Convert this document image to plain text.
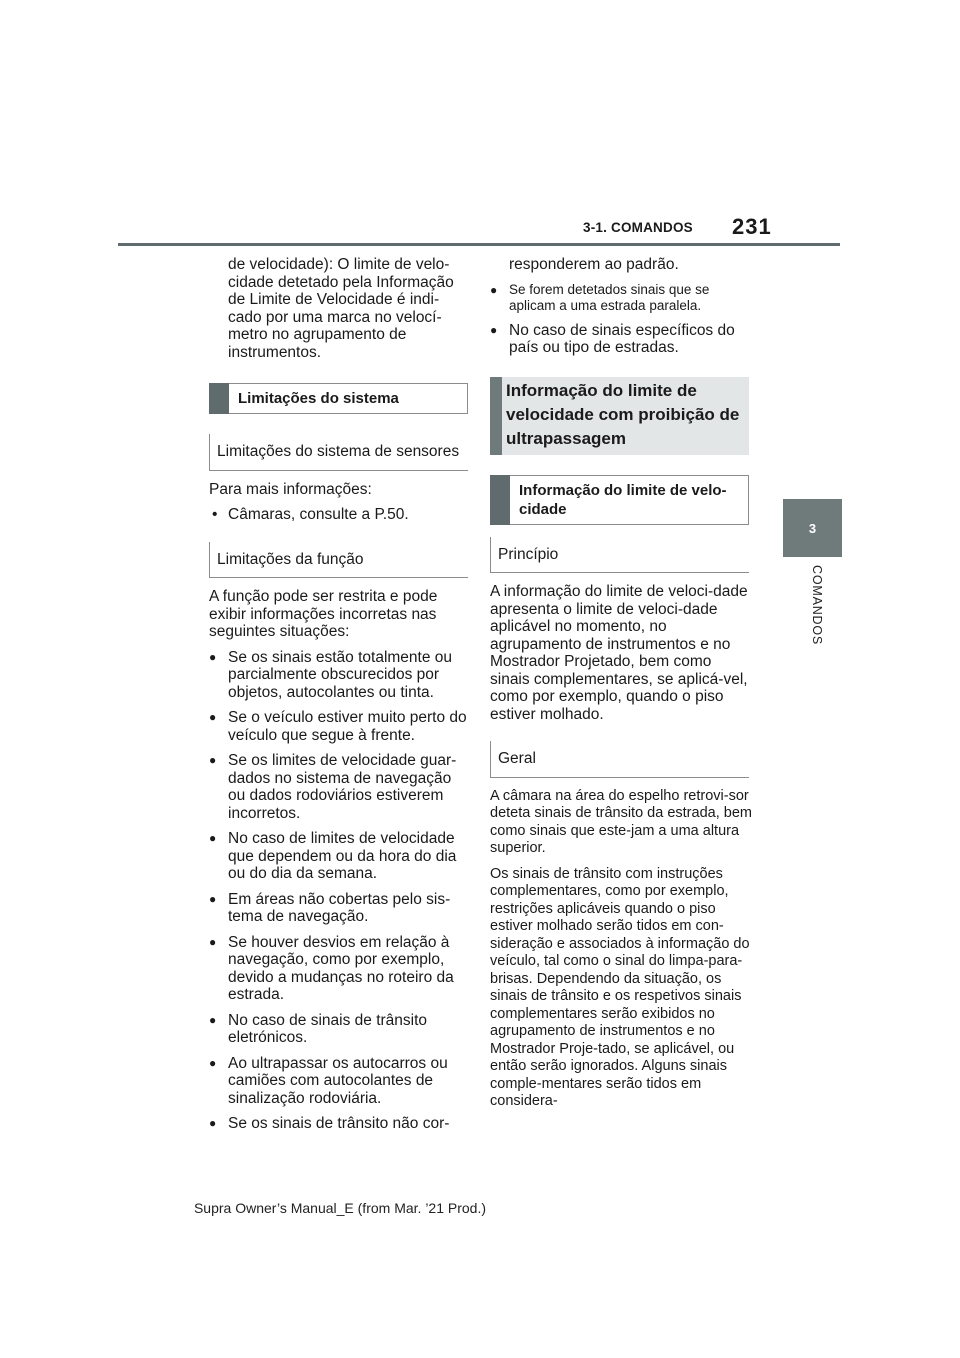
3-1. COMANDOS 231
3
COMANDOS

de velocidade): O limite de velo-cidade detetado pela Informação de Limite de Velocidade é indi-cado por uma marca no velocí-metro no agrupamento de instrumentos.

Limitações do sistema
Limitações do sistema de sensores

Para mais informações:

• Câmaras, consulte a P.50.

Limitações da função

A função pode ser restrita e pode exibir informações incorretas nas seguintes situações:

● Se os sinais estão totalmente ou parcialmente obscurecidos por objetos, autocolantes ou tinta.

● Se o veículo estiver muito perto do veículo que segue à frente.

● Se os limites de velocidade guar-dados no sistema de navegação ou dados rodoviários estiverem incorretos.

● No caso de limites de velocidade que dependem ou da hora do dia ou do dia da semana.

● Em áreas não cobertas pelo sis-tema de navegação.

● Se houver desvios em relação à navegação, como por exemplo, devido a mudanças no roteiro da estrada.

● No caso de sinais de trânsito eletrónicos.

● Ao ultrapassar os autocarros ou camiões com autocolantes de sinalização rodoviária.

● Se os sinais de trânsito não cor-

responderem ao padrão.

● Se forem detetados sinais que se aplicam a uma estrada paralela.

● No caso de sinais específicos do país ou tipo de estradas.

Informação do limite de velocidade com proibição de ultrapassagem
Informação do limite de velo-cidade
Princípio

A informação do limite de veloci-dade apresenta o limite de veloci-dade aplicável no momento, no agrupamento de instrumentos e no Mostrador Projetado, bem como sinais complementares, se aplicá-vel, como por exemplo, quando o piso estiver molhado.

Geral

A câmara na área do espelho retrovi-sor deteta sinais de trânsito da estrada, bem como sinais que este-jam a uma altura superior.

Os sinais de trânsito com instruções complementares, como por exemplo, restrições aplicáveis quando o piso estiver molhado serão tidos em con-sideração e associados à informação do veículo, tal como o sinal do limpa-para-brisas. Dependendo da situação, os sinais de trânsito e os respetivos sinais complementares serão exibidos no agrupamento de instrumentos e no Mostrador Proje-tado, se aplicável, ou então serão ignorados. Alguns sinais comple-mentares serão tidos em considera-

Supra Owner’s Manual_E (from Mar. ’21 Prod.)
